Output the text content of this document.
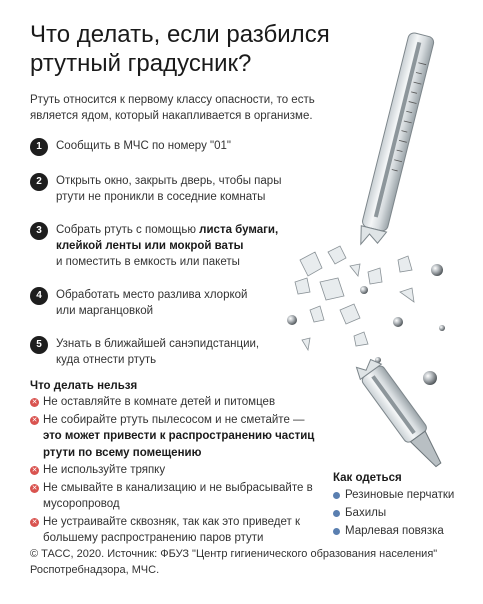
Что делать, если разбился
ртутный градусник?
Ртуть относится к первому классу опасности, то есть является ядом, который накапливается в организме.
1	Сообщить в МЧС по номеру "01"
2	Открыть окно, закрыть дверь, чтобы пары
ртути не проникли в соседние комнаты
3	Собрать ртуть с помощью листа бумаги,
клейкой ленты или мокрой ваты
и поместить в емкость или пакеты
4	Обработать место разлива хлоркой
или марганцовкой
5	Узнать в ближайшей санэпидстанции,
куда отнести ртуть
Что делать нельзя
✕ Не оставляйте в комнате детей и питомцев
✕ Не собирайте ртуть пылесосом и не сметайте — это может привести к распространению частиц ртути по всему помещению
✕ Не используйте тряпку
✕ Не смывайте в канализацию и не выбрасывайте в мусоропровод
✕ Не устраивайте сквозняк, так как это приведет к большему распространению паров ртути
Как одеться
Резиновые перчатки
Бахилы
Марлевая повязка
© ТАСС, 2020. Источник: ФБУЗ "Центр гигиенического образования населения" Роспотребнадзора, МЧС.
